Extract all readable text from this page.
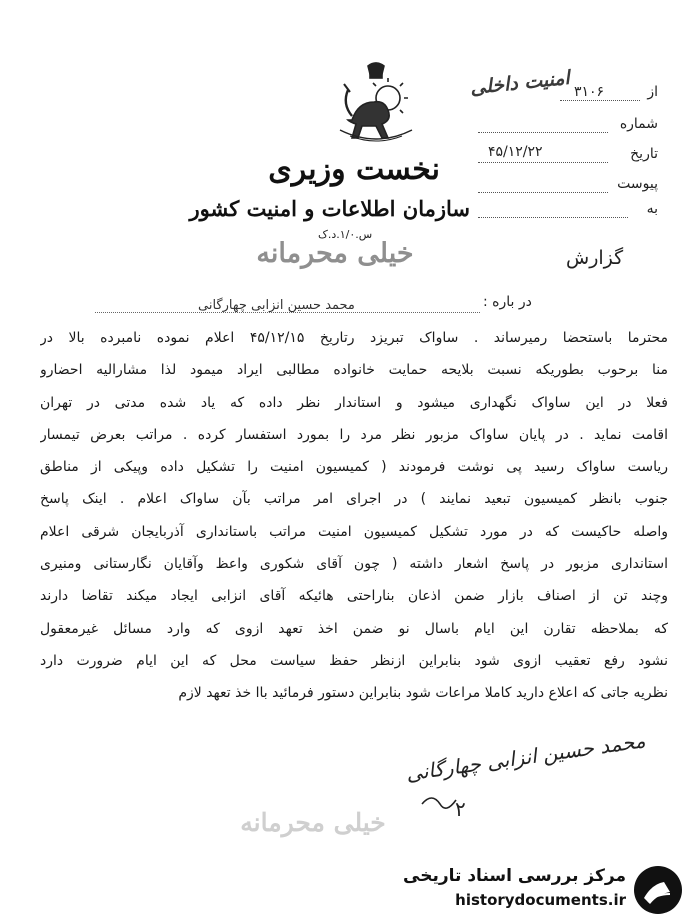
نخست وزیری
سازمان اطلاعات و امنیت کشور
س.۱/۰.د.ک
خیلی محرمانه	گزارش
امنیت داخلی	از
۳۱۰۶
شماره
تاریخ
۴۵/۱۲/۲۲
پیوست
به
در باره :
محمد حسین انزابی چهارگانی
محترما باستحضا رمیرساند . ساواک تبریزد رتاریخ ۴۵/۱۲/۱۵ اعلام نموده نامبرده بالا در
منا برحوب بطوریکه نسبت بلایحه حمایت خانواده مطالبی ایراد میمود لذا مشارالیه احضارو
فعلا در این ساواک نگهداری میشود و استاندار نظر داده که یاد شده مدتی در تهران
اقامت نماید . در پایان ساواک مزبور نظر مرد را بمورد استفسار کرده . مراتب بعرض تیمسار
ریاست ساواک رسید پی نوشت فرمودند ( کمیسیون امنیت را تشکیل داده وپیکی از مناطق
جنوب بانظر کمیسیون تبعید نمایند ) در اجرای امر مراتب بآن ساواک اعلام . اینک پاسخ
واصله حاکیست که در مورد تشکیل کمیسیون امنیت مراتب باستانداری آذربایجان شرقی اعلام
استانداری مزبور در پاسخ اشعار داشته ( چون آقای شکوری واعظ وآقایان نگارستانی ومنیری
وچند تن از اصناف بازار ضمن اذعان بناراحتی هائیکه آقای انزابی ایجاد میکند تقاضا دارند
که بملاحظه تقارن این ایام باسال نو ضمن اخذ تعهد ازوی که وارد مسائل غیرمعقول
نشود رفع تعقیب ازوی شود بنابراین ازنظر حفظ سیاست محل که این ایام ضرورت دارد
نظریه جاتی که اعلاع دارید کاملا مراعات شود بنابراین دستور فرمائید باا خذ تعهد لازم
محمد حسین انزابی چهارگانی
۲
خیلی محرمانه
مرکز بررسی اسناد تاریخی
historydocuments.ir
